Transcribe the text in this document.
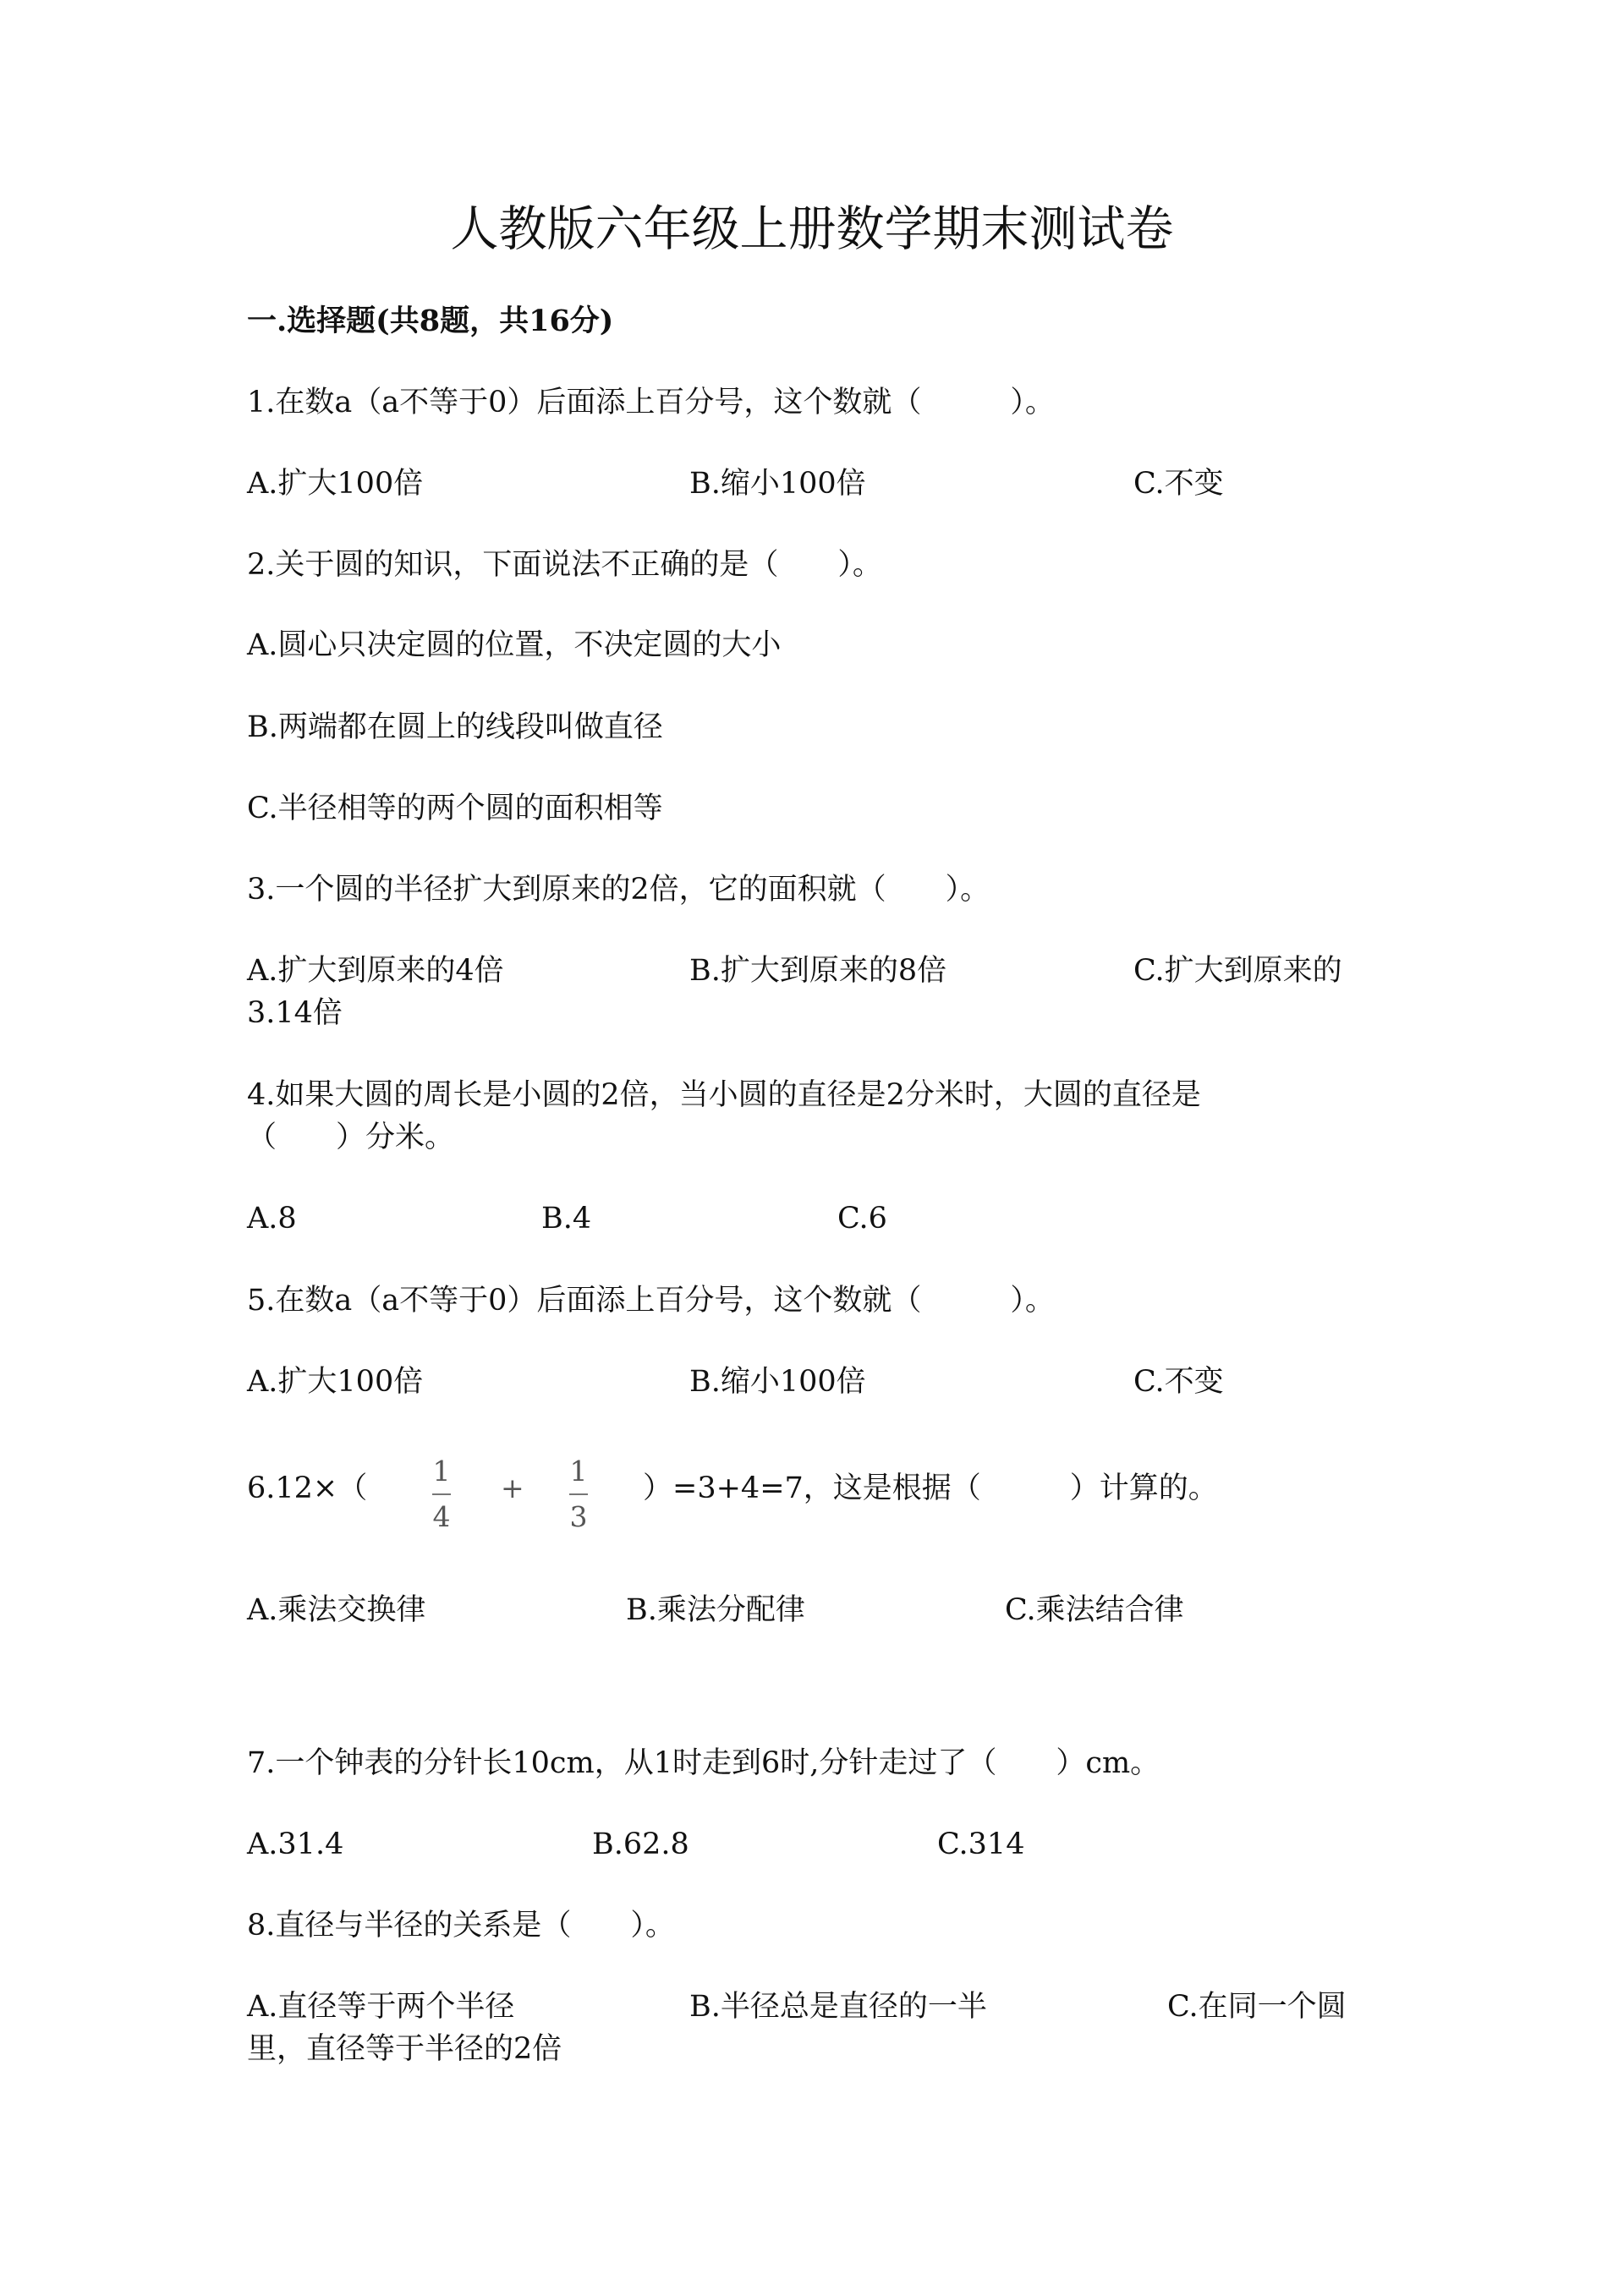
人教版六年级上册数学期末测试卷
一.选择题(共8题，共16分)
1.在数a（a不等于0）后面添上百分号，这个数就（　　　）。
A.扩大100倍	B.缩小100倍	C.不变
2.关于圆的知识，下面说法不正确的是（　　）。
A.圆心只决定圆的位置，不决定圆的大小
B.两端都在圆上的线段叫做直径
C.半径相等的两个圆的面积相等
3.一个圆的半径扩大到原来的2倍，它的面积就（　　）。
A.扩大到原来的4倍	B.扩大到原来的8倍	C.扩大到原来的
3.14倍
4.如果大圆的周长是小圆的2倍，当小圆的直径是2分米时，大圆的直径是
（　　）分米。
A.8	B.4	C.6
5.在数a（a不等于0）后面添上百分号，这个数就（　　　）。
A.扩大100倍	B.缩小100倍	C.不变
6.12×（
1
4
+
1
3
）=3+4=7，这是根据（　　　）计算的。
A.乘法交换律	B.乘法分配律	C.乘法结合律
7.一个钟表的分针长10cm，从1时走到6时,分针走过了（　　）cm。
A.31.4	B.62.8	C.314
8.直径与半径的关系是（　　）。
A.直径等于两个半径	B.半径总是直径的一半	C.在同一个圆
里，直径等于半径的2倍
